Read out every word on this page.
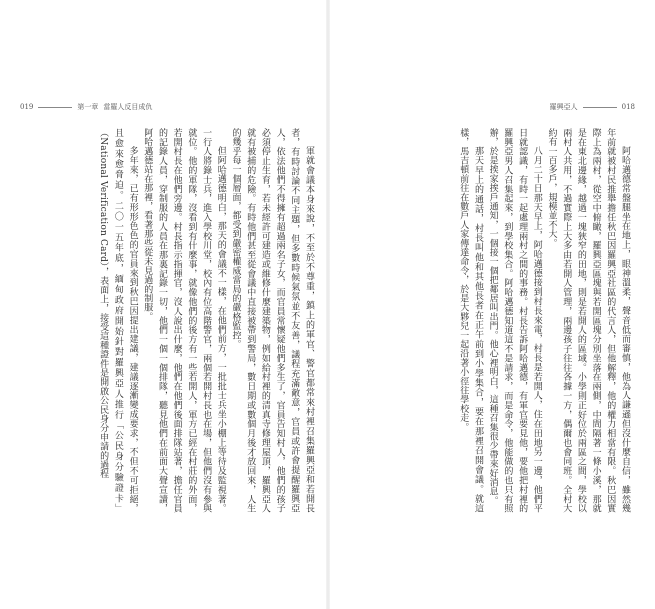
019	第一章 當羅人反目成仇	羅興亞人	018

軍就會議本身來說，不至於不尊重，鎮上的軍官、警官都常來村裡召集羅興亞和若開長者，有時討論不同主題，但多數時候氣氛並不友善，議程充滿敵意，官員或許會提醒羅興亞人，依法他們不得擁有超過兩名子女，而官員常懷疑他們多生了，官員告知村人，他們的孩子必須停止生育，若未經許可建造或維修什麼建築物，例如給村裡的清真寺修理屋頂，羅興亞人就有被捕的危險。有時他們甚至從會議中直接被帶到警局，數日期或數個月後才放回來，人生的幾乎每一個層面，都受到嚴密權威當局的嚴格監控。

但阿哈邁德明白，那天的會議不一樣，在他們前方，一批批士兵坐小棚上等待及監視著。一行人將錄士兵，進入學校川堂，校內有位高階警官，兩個若開村長也在場，但他們沒有參與就位。他的軍隊，沒看到有什麼事，就像他們的後方有一些若開人，軍方已經在村莊的外面，若開村長在他們旁邊。村長指示指揮官，沒人說出什麼，他們在他們後面排隊站著，擔任官員的記錄人員，穿制服的人員在那裏記錄一切，他們一個一個排隊，聽見他們在前面大聲宣讀，阿哈邁德站在那裡，看著那些從未見過的制服。

多年來，已有形形色色的官員來到秋巴因提出建議，建議逐漸變成要求，不但不可拒絕，且愈來愈脅迫。二〇一五年底，緬甸政府開始針對羅興亞人推行「公民身分驗證卡」（National Verification Card），表面上，接受這種證件是開啟公民身分申請的過程	阿哈邁德常盤腿坐在地上，眼神溫柔，聲音低而審慎，他為人謙遜但沒什麼自信，雖然幾年前就被村民推舉擔任秋巴因羅興亞社區的代言人，但他解釋，他的權力相當有限。秋巴因實際上為兩村，從空中俯瞰，羅興亞區塊與若開區塊分別坐落在兩側，中間隔著一條小溪，那就是在東北邊緣，越過一塊狹窄的田地，則是若開人的區域。小學則正好位於兩區之間，學校以兩村人共用，不過實際上大多由若開人管理，兩邊孩子往往各據一方，偶爾也會同班。全村大約有一百多戶，規模並不大。

八月二十日那天早上，阿哈邁德接到村長來電，村長是若開人，住在田地另一邊，他們平日就認識，有時一起處理兩村之間的事務。村長告訴阿哈邁德，有軍官要見他，要他把村裡的羅興亞男人召集起來，到學校集合。阿哈邁德知道這不是請求，而是命令，他能做的也只有照辦，於是挨家挨戶通知，一個接一個把鄰居叫出門。他心裡明白，這種召集很少帶來好消息。

那天早上的通話，村長叫他和其他長者在正午前到小學集合，要在那裡召開會議。就這樣，馬吉頓前往在數戶人家傳達命令，於是大夥兒一起沿著小徑往學校走。
